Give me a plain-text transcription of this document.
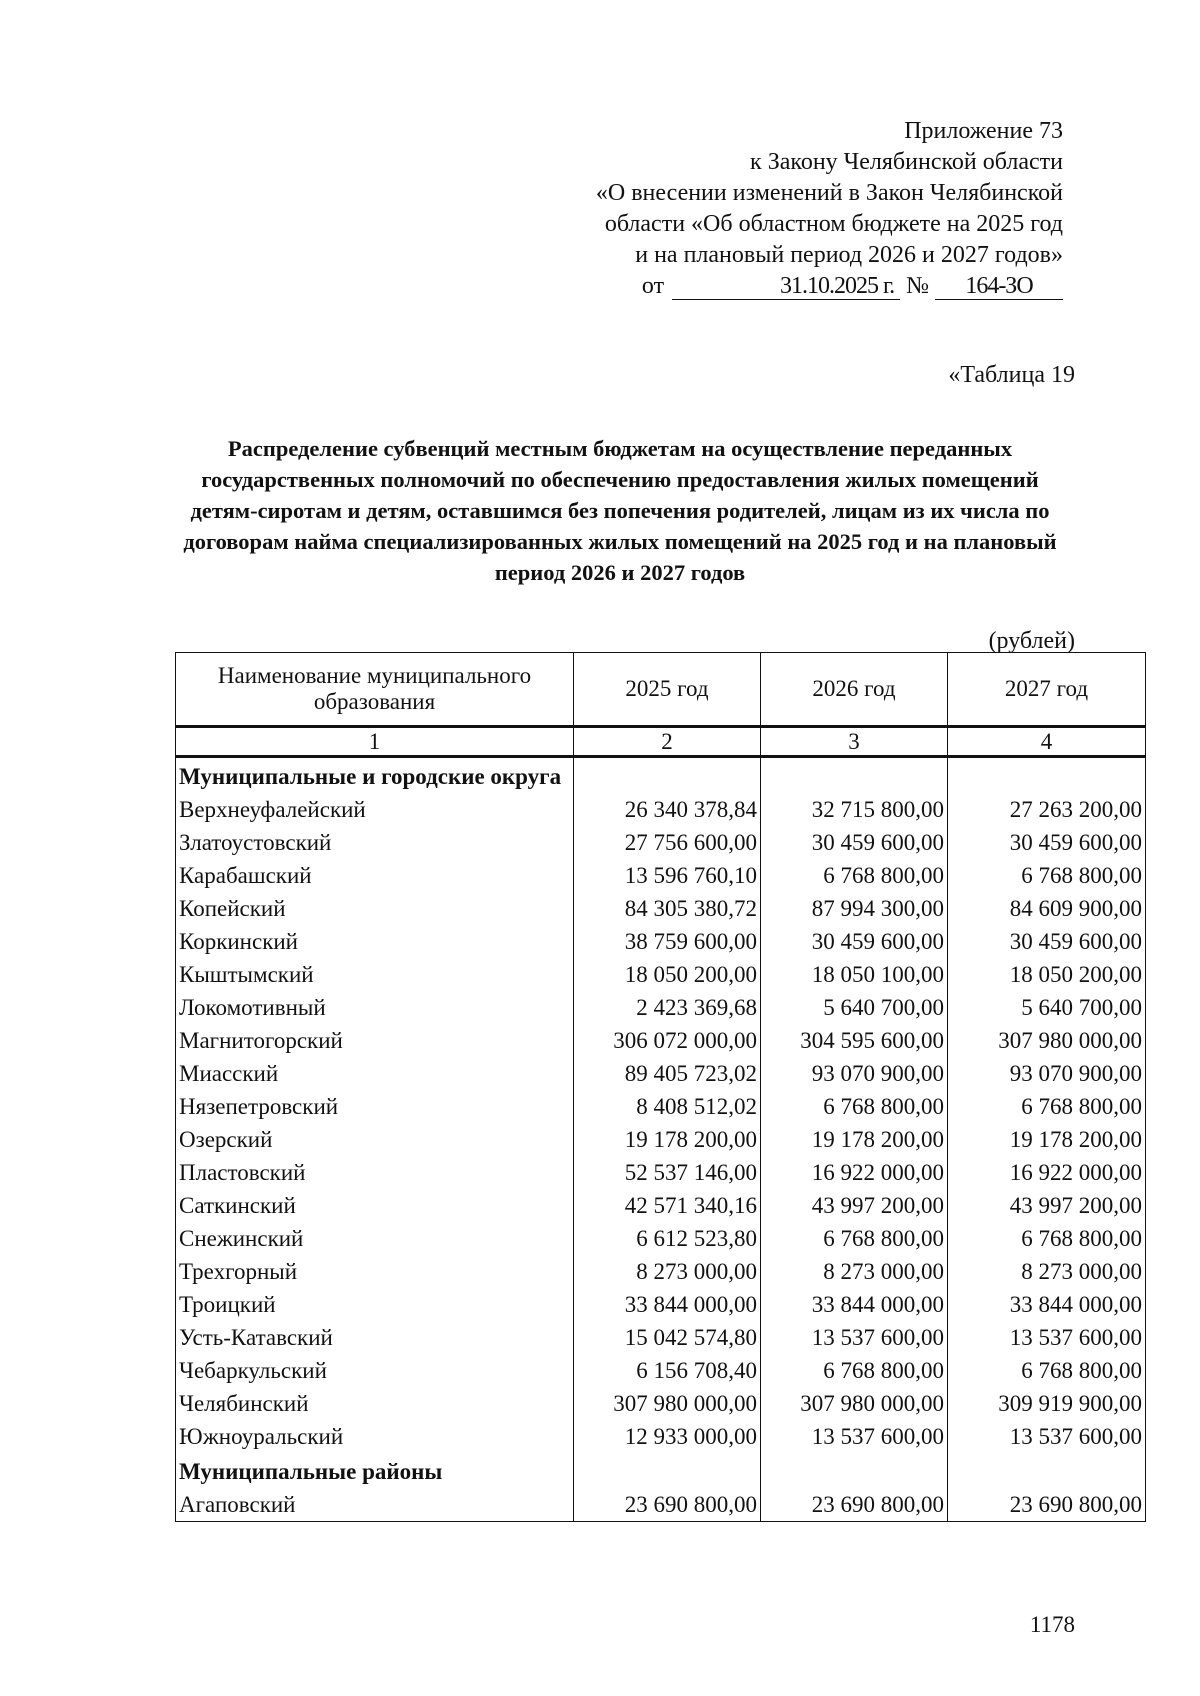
Приложение 73
к Закону Челябинской области
«О внесении изменений в Закон Челябинской
области «Об областном бюджете на 2025 год
и на плановый период 2026 и 2027 годов»
от	31.10.2025 г. № 164-ЗО
«Таблица 19
Распределение субвенций местным бюджетам на осуществление переданных государственных полномочий по обеспечению предоставления жилых помещений детям-сиротам и детям, оставшимся без попечения родителей, лицам из их числа по договорам найма специализированных жилых помещений на 2025 год и на плановый период 2026 и 2027 годов
(рублей)
Наименование муниципального образования	2025 год	2026 год	2027 год
1	2	3	4
Муниципальные и городские округа			
Верхнеуфалейский	26 340 378,84	32 715 800,00	27 263 200,00
Златоустовский	27 756 600,00	30 459 600,00	30 459 600,00
Карабашский	13 596 760,10	6 768 800,00	6 768 800,00
Копейский	84 305 380,72	87 994 300,00	84 609 900,00
Коркинский	38 759 600,00	30 459 600,00	30 459 600,00
Кыштымский	18 050 200,00	18 050 100,00	18 050 200,00
Локомотивный	2 423 369,68	5 640 700,00	5 640 700,00
Магнитогорский	306 072 000,00	304 595 600,00	307 980 000,00
Миасский	89 405 723,02	93 070 900,00	93 070 900,00
Нязепетровский	8 408 512,02	6 768 800,00	6 768 800,00
Озерский	19 178 200,00	19 178 200,00	19 178 200,00
Пластовский	52 537 146,00	16 922 000,00	16 922 000,00
Саткинский	42 571 340,16	43 997 200,00	43 997 200,00
Снежинский	6 612 523,80	6 768 800,00	6 768 800,00
Трехгорный	8 273 000,00	8 273 000,00	8 273 000,00
Троицкий	33 844 000,00	33 844 000,00	33 844 000,00
Усть-Катавский	15 042 574,80	13 537 600,00	13 537 600,00
Чебаркульский	6 156 708,40	6 768 800,00	6 768 800,00
Челябинский	307 980 000,00	307 980 000,00	309 919 900,00
Южноуральский	12 933 000,00	13 537 600,00	13 537 600,00
Муниципальные районы			
Агаповский	23 690 800,00	23 690 800,00	23 690 800,00
1178
